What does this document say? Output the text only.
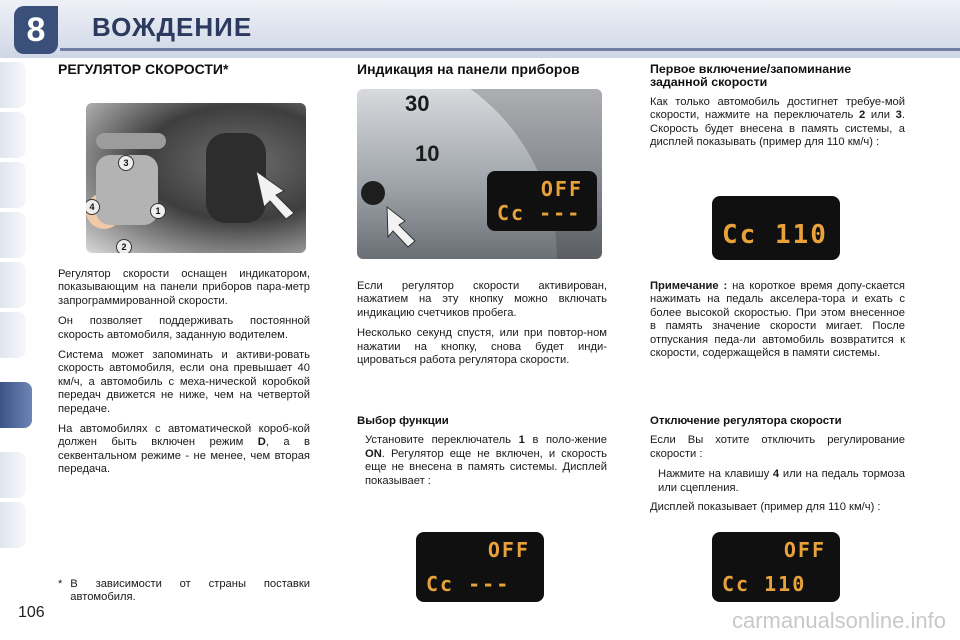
8 ВОЖДЕНИЕ
РЕГУЛЯТОР СКОРОСТИ*
3
4	1
2

Регулятор скорости оснащен индикатором, показывающим на панели приборов пара-метр запрограммированной скорости.

Он позволяет поддерживать постоянной скорость автомобиля, заданную водителем.

Система может запоминать и активи-ровать скорость автомобиля, если она превышает 40 км/ч, а автомобиль с меха-нической коробкой передач движется не ниже, чем на четвертой передаче.

На автомобилях с автоматической короб-кой должен быть включен режим D, а в секвентальном режиме - не менее, чем вторая передача.

* В зависимости от страны поставки автомобиля.
Индикация на панели приборов
30
10
OFF
Cc ---

Если регулятор скорости активирован, нажатием на эту кнопку можно включать индикацию счетчиков пробега.

Несколько секунд спустя, или при повтор-ном нажатии на кнопку, снова будет инди-цироваться работа регулятора скорости.

Выбор функции
Установите переключатель 1 в поло-жение ON. Регулятор еще не включен, и скорость еще не внесена в память системы. Дисплей показывает :
OFF
Cc ---
Первое включение/запоминание заданной скорости

Как только автомобиль достигнет требуе-мой скорости, нажмите на переключатель 2 или 3. Скорость будет внесена в память системы, а дисплей показывать (пример для 110 км/ч) :

Cc 110

Примечание : на короткое время допу-скается нажимать на педаль акселера-тора и ехать с более высокой скоростью. При этом внесенное в память значение скорости мигает. После отпускания педа-ли автомобиль возвратится к скорости, содержащейся в памяти системы.

Отключение регулятора скорости

Если Вы хотите отключить регулирование скорости :

Нажмите на клавишу 4 или на педаль тормоза или сцепления.

Дисплей показывает (пример для 110 км/ч) :

OFF
Cc 110
106	carmanualsonline.info
